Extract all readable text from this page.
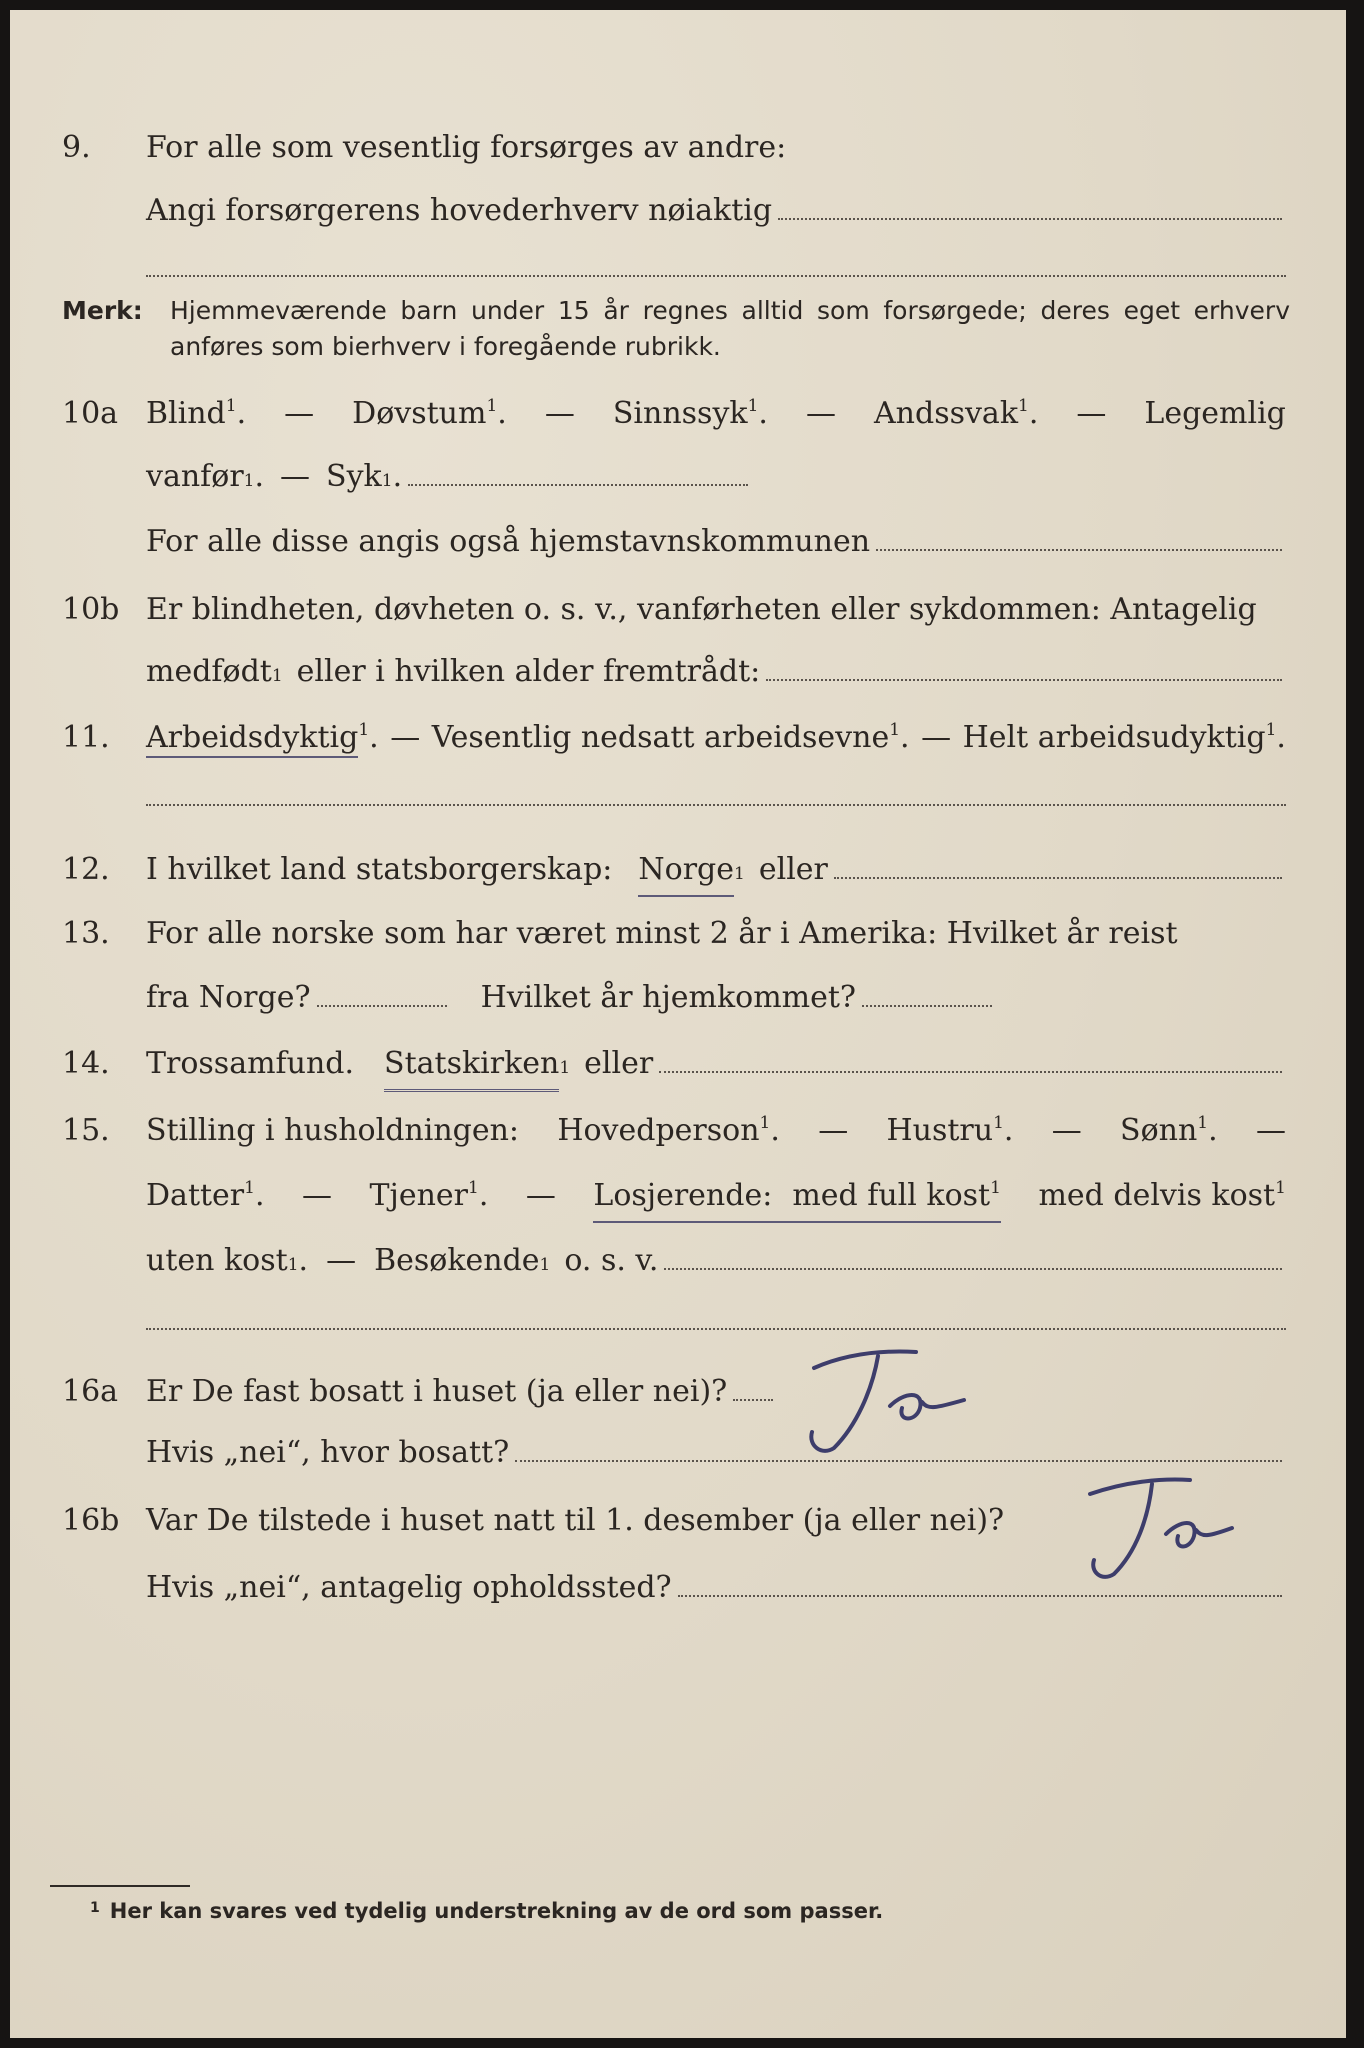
9. For alle som vesentlig forsørges av andre:
Angi forsørgerens hovederhverv nøiaktig
Merk: Hjemmeværende barn under 15 år regnes alltid som forsørgede; deres eget erhverv anføres som bierhverv i foregående rubrikk.
10a Blind$^1$. — Døvstum$^1$. — Sinnssyk$^1$. — Andssvak$^1$. — Legemlig
vanfør 1 . — Syk 1 .
For alle disse angis også hjemstavnskommunen
10b Er blindheten, døvheten o. s. v., vanførheten eller sykdommen: Antagelig
medfødt 1 eller i hvilken alder fremtrådt:
11. Arbeidsdyktig$^1$. — Vesentlig nedsatt arbeidsevne$^1$. — Helt arbeidsudyktig$^1$.
12. I hvilket land statsborgerskap: Norge 1 eller
13. For alle norske som har været minst 2 år i Amerika: Hvilket år reist
fra Norge?	Hvilket år hjemkommet?
14. Trossamfund. Statskirken 1 eller
15. Stilling i husholdningen: Hovedperson$^1$. — Hustru$^1$. — Sønn$^1$. —
Datter$^1$. — Tjener$^1$. — Losjerende: med full kost$^1$ med delvis kost$^1$
uten kost 1 . — Besøkende 1 o. s. v.
16a Er De fast bosatt i huset (ja eller nei)?
Hvis „nei“, hvor bosatt?
16b Var De tilstede i huset natt til 1. desember (ja eller nei)?
Hvis „nei“, antagelig opholdssted?
$^1$ Her kan svares ved tydelig understrekning av de ord som passer.
